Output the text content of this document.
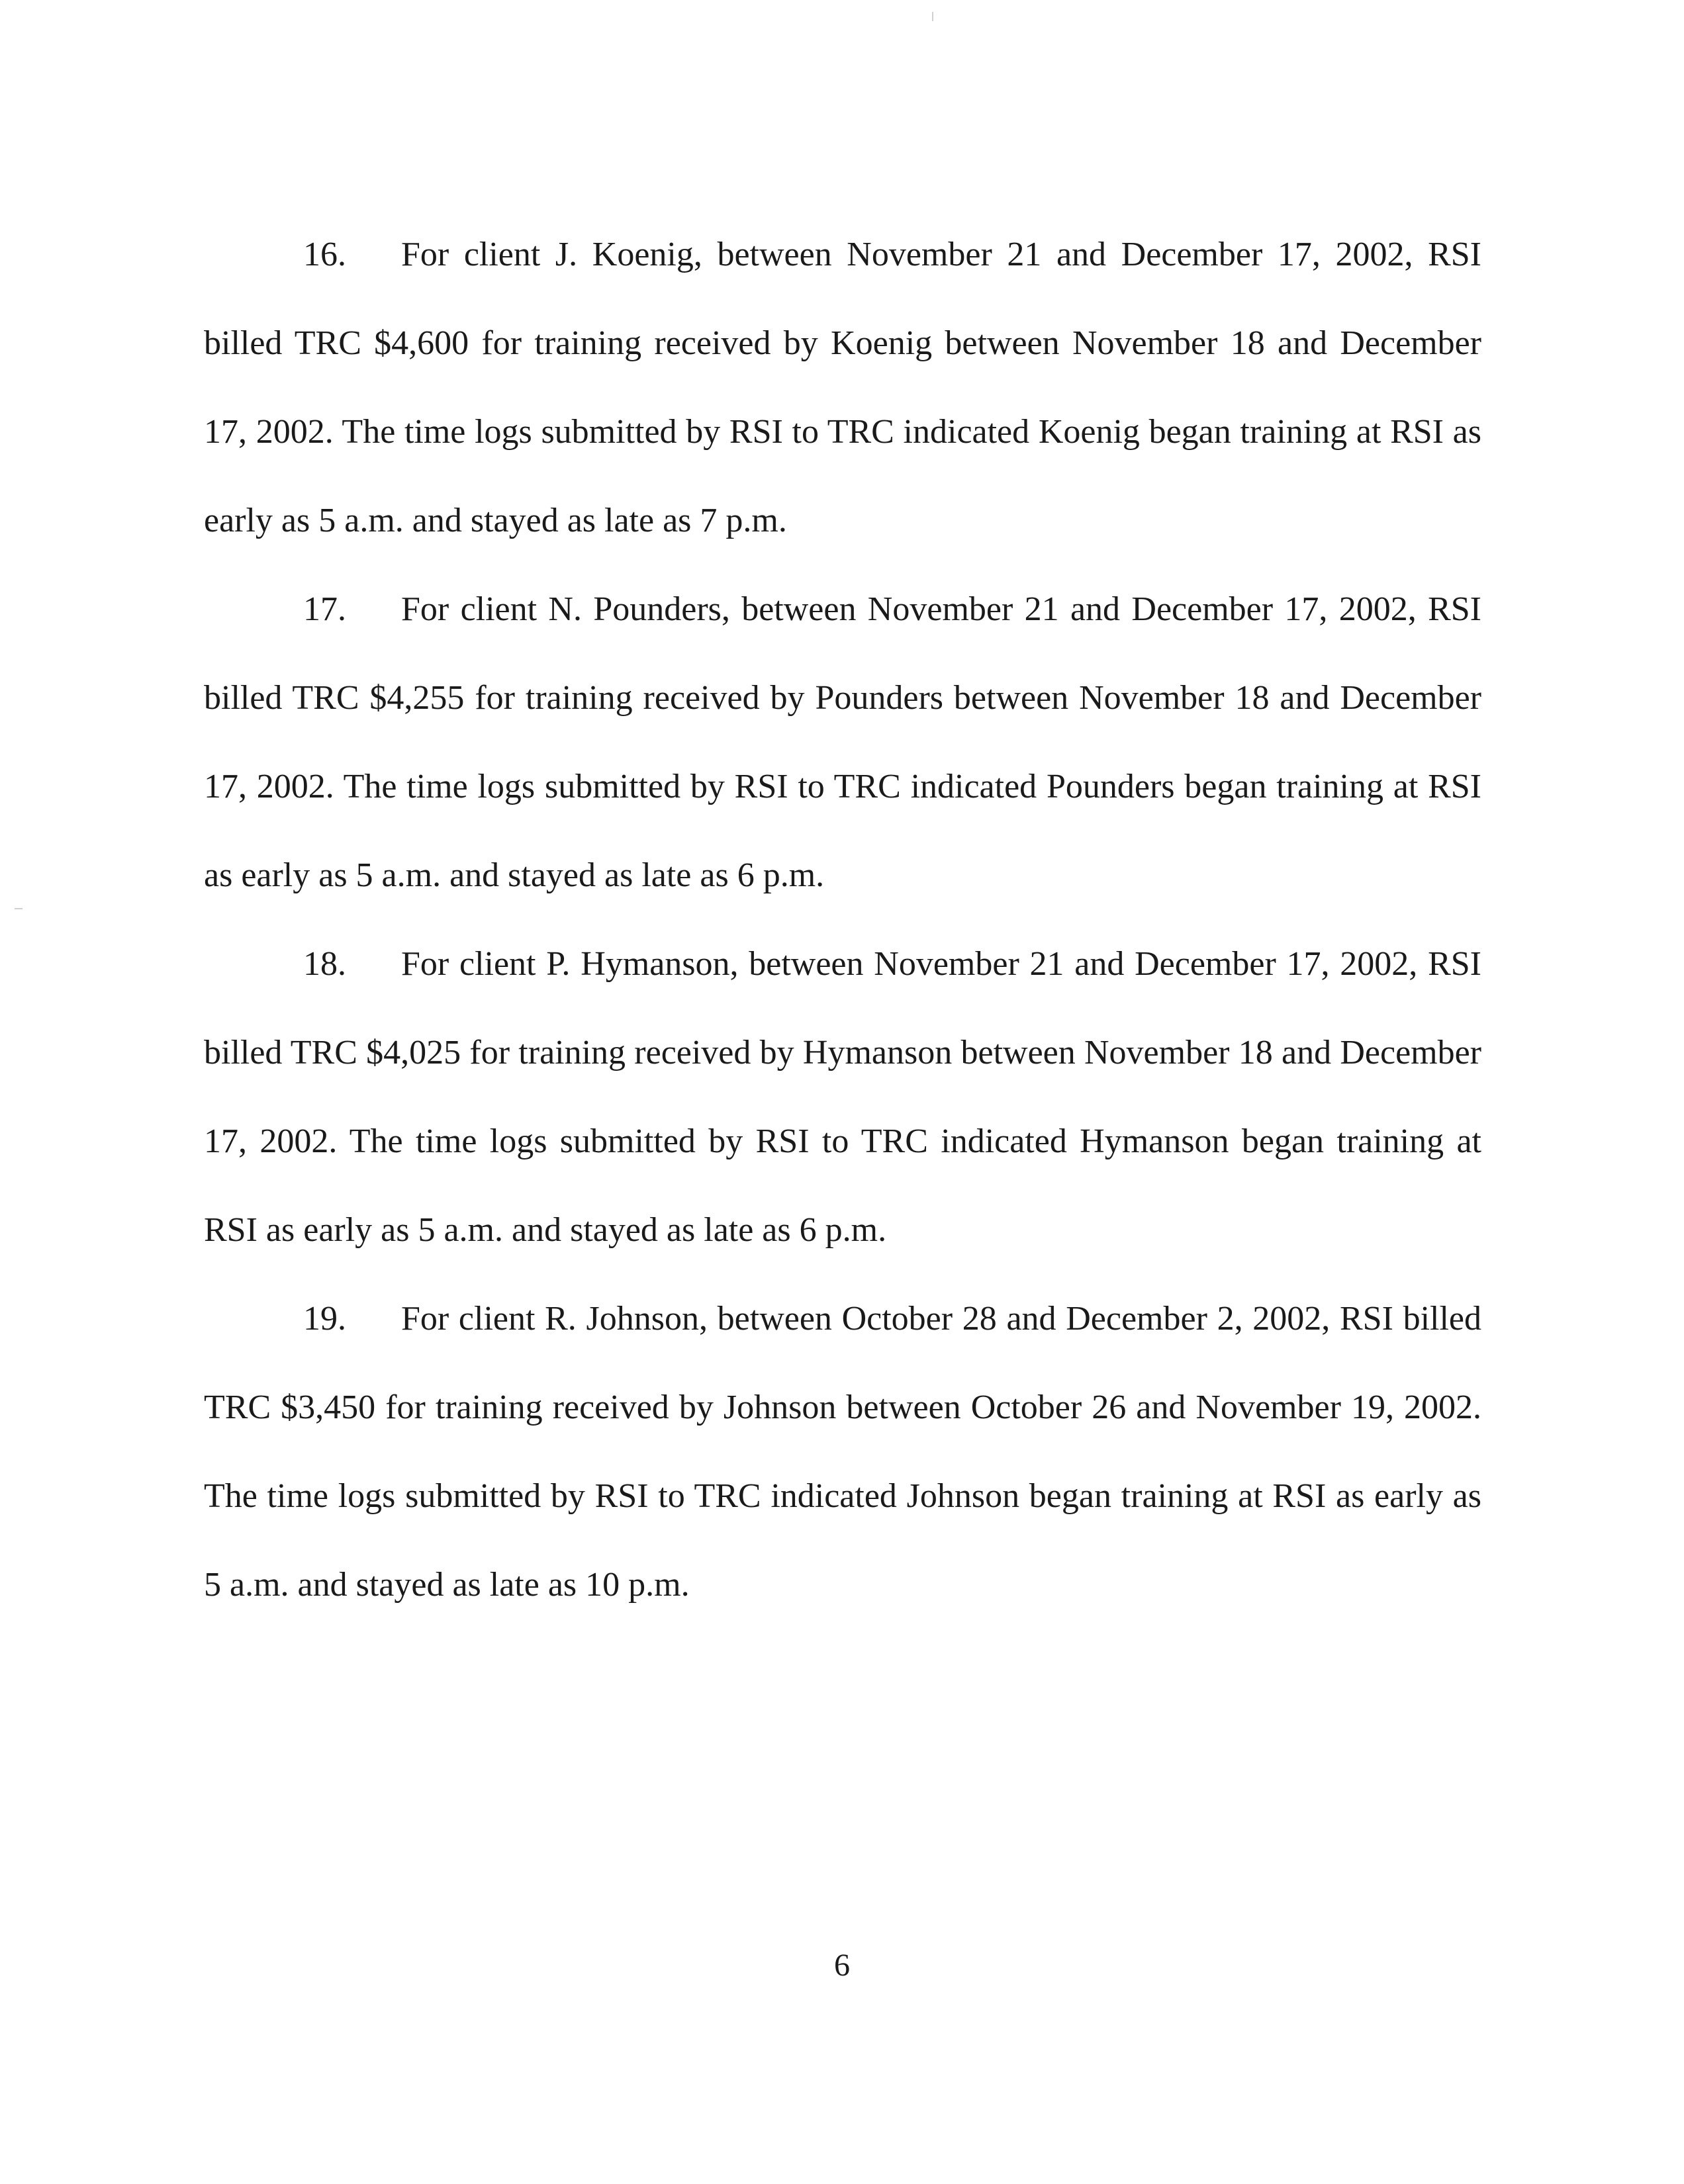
16. For client J. Koenig, between November 21 and December 17, 2002, RSI billed TRC $4,600 for training received by Koenig between November 18 and December 17, 2002. The time logs submitted by RSI to TRC indicated Koenig began training at RSI as early as 5 a.m. and stayed as late as 7 p.m.

17. For client N. Pounders, between November 21 and December 17, 2002, RSI billed TRC $4,255 for training received by Pounders between November 18 and December 17, 2002. The time logs submitted by RSI to TRC indicated Pounders began training at RSI as early as 5 a.m. and stayed as late as 6 p.m.

18. For client P. Hymanson, between November 21 and December 17, 2002, RSI billed TRC $4,025 for training received by Hymanson between November 18 and December 17, 2002. The time logs submitted by RSI to TRC indicated Hymanson began training at RSI as early as 5 a.m. and stayed as late as 6 p.m.

19. For client R. Johnson, between October 28 and December 2, 2002, RSI billed TRC $3,450 for training received by Johnson between October 26 and November 19, 2002. The time logs submitted by RSI to TRC indicated Johnson began training at RSI as early as 5 a.m. and stayed as late as 10 p.m.

6
